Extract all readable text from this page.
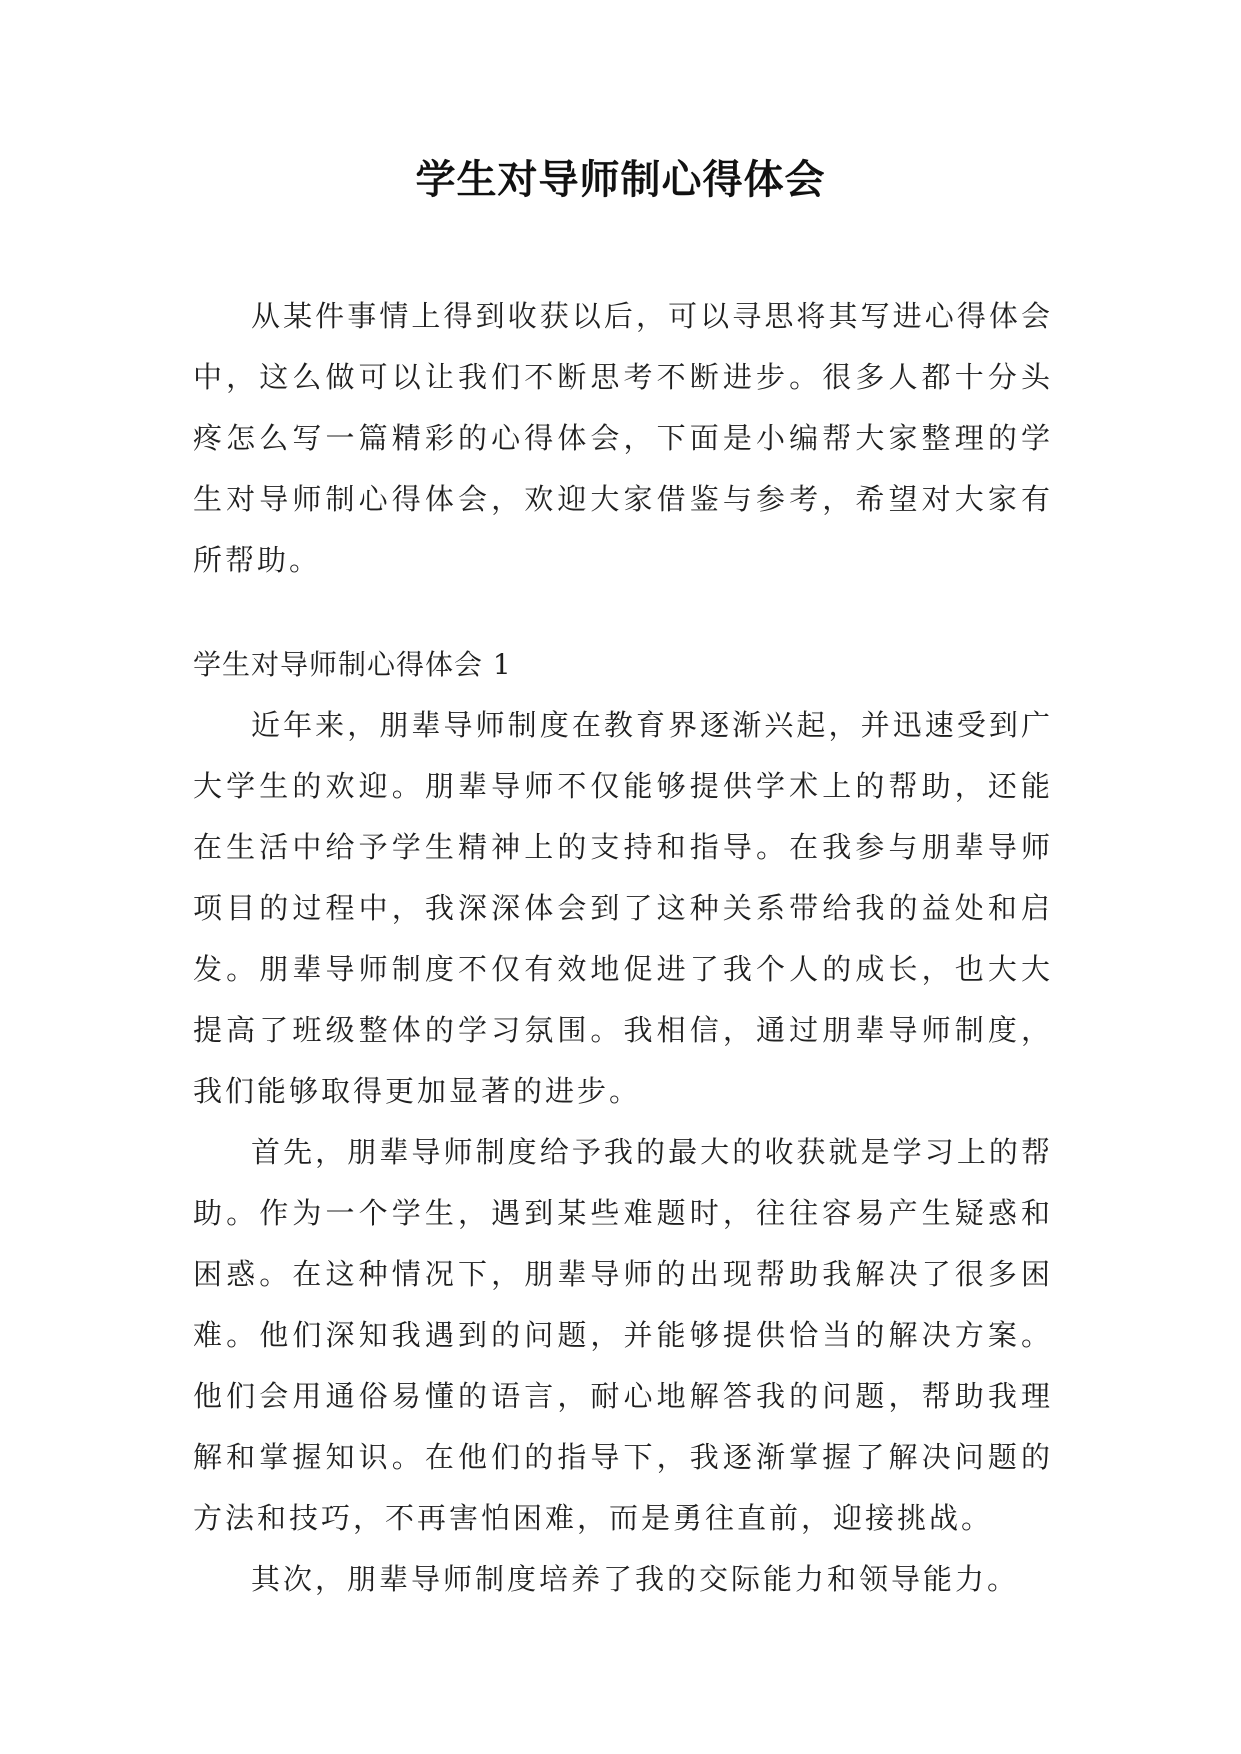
学生对导师制心得体会

从某件事情上得到收获以后，可以寻思将其写进心得体会中，这么做可以让我们不断思考不断进步。很多人都十分头疼怎么写一篇精彩的心得体会，下面是小编帮大家整理的学生对导师制心得体会，欢迎大家借鉴与参考，希望对大家有所帮助。

学生对导师制心得体会 1

近年来，朋辈导师制度在教育界逐渐兴起，并迅速受到广大学生的欢迎。朋辈导师不仅能够提供学术上的帮助，还能在生活中给予学生精神上的支持和指导。在我参与朋辈导师项目的过程中，我深深体会到了这种关系带给我的益处和启发。朋辈导师制度不仅有效地促进了我个人的成长，也大大提高了班级整体的学习氛围。我相信，通过朋辈导师制度，我们能够取得更加显著的进步。

首先，朋辈导师制度给予我的最大的收获就是学习上的帮助。作为一个学生，遇到某些难题时，往往容易产生疑惑和困惑。在这种情况下，朋辈导师的出现帮助我解决了很多困难。他们深知我遇到的问题，并能够提供恰当的解决方案。他们会用通俗易懂的语言，耐心地解答我的问题，帮助我理解和掌握知识。在他们的指导下，我逐渐掌握了解决问题的方法和技巧，不再害怕困难，而是勇往直前，迎接挑战。

其次，朋辈导师制度培养了我的交际能力和领导能力。
